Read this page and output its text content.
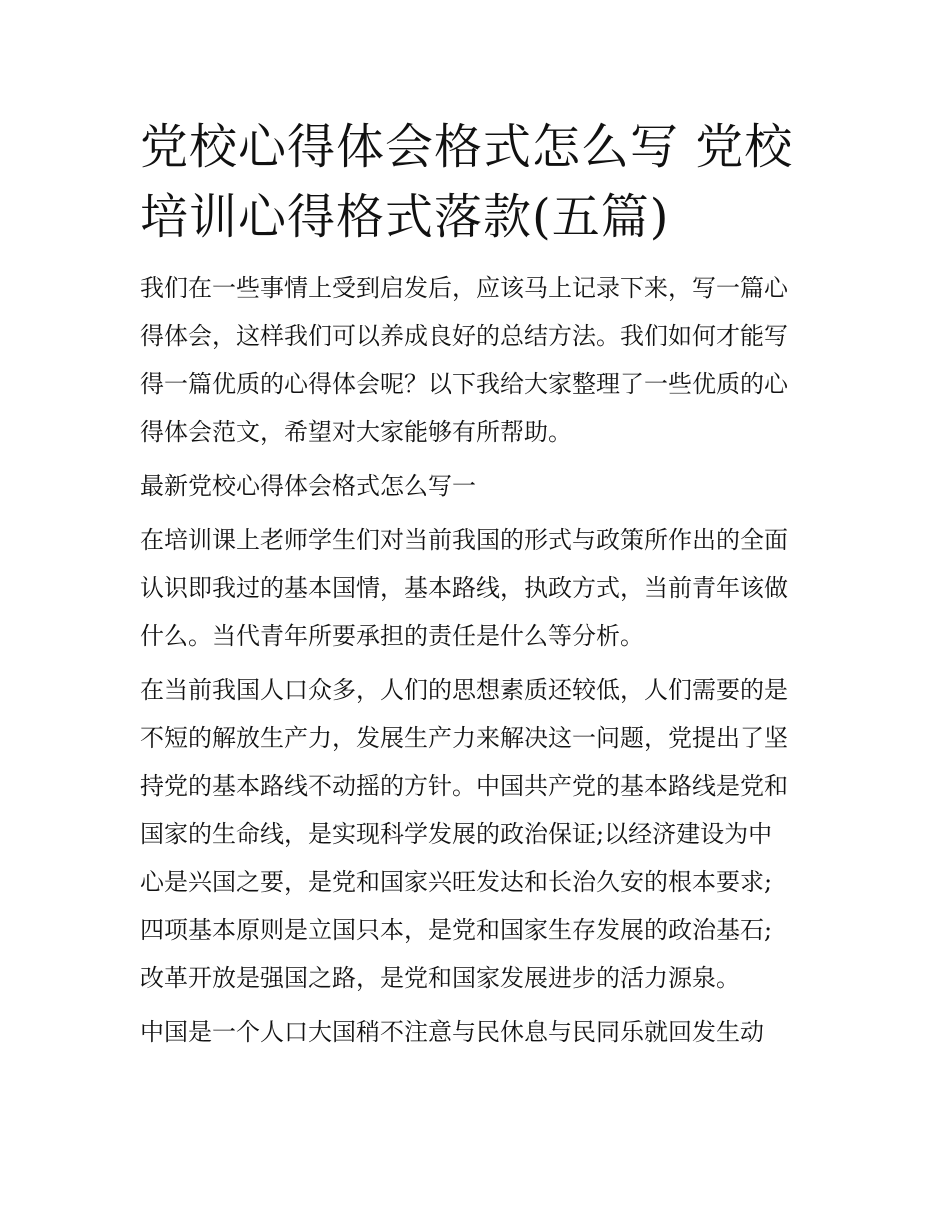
党校心得体会格式怎么写 党校
培训心得格式落款(五篇)

我们在一些事情上受到启发后，应该马上记录下来，写一篇心
得体会，这样我们可以养成良好的总结方法。我们如何才能写
得一篇优质的心得体会呢？以下我给大家整理了一些优质的心
得体会范文，希望对大家能够有所帮助。

最新党校心得体会格式怎么写一

在培训课上老师学生们对当前我国的形式与政策所作出的全面
认识即我过的基本国情，基本路线，执政方式，当前青年该做
什么。当代青年所要承担的责任是什么等分析。

在当前我国人口众多，人们的思想素质还较低，人们需要的是
不短的解放生产力，发展生产力来解决这一问题，党提出了坚
持党的基本路线不动摇的方针。中国共产党的基本路线是党和
国家的生命线，是实现科学发展的政治保证;以经济建设为中
心是兴国之要，是党和国家兴旺发达和长治久安的根本要求;
四项基本原则是立国只本，是党和国家生存发展的政治基石;
改革开放是强国之路，是党和国家发展进步的活力源泉。

中国是一个人口大国稍不注意与民休息与民同乐就回发生动
